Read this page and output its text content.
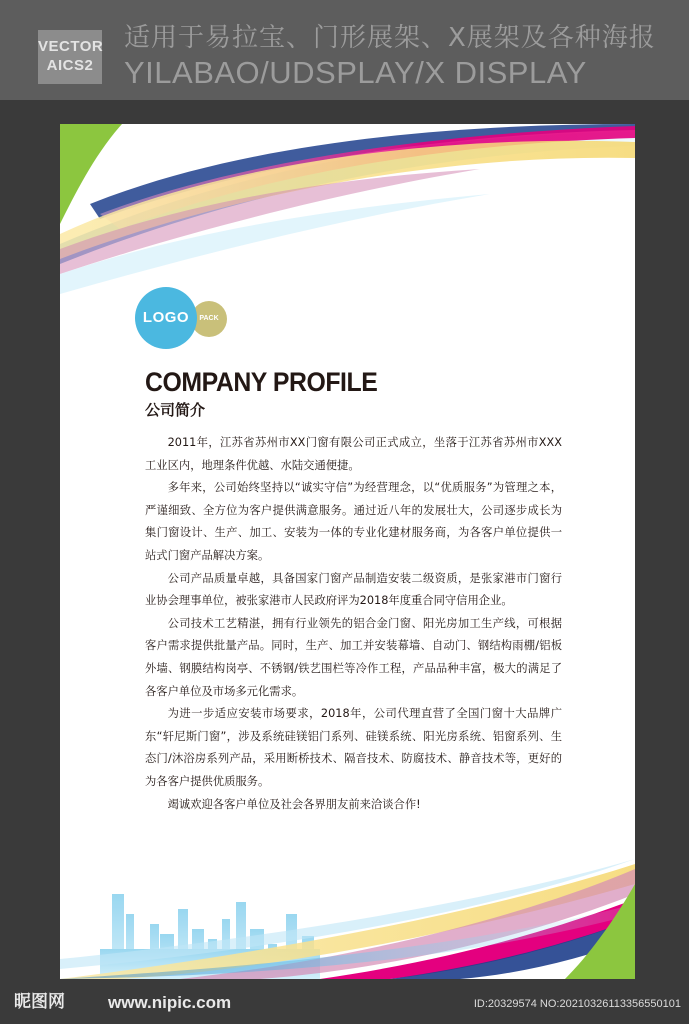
VECTOR
AICS2
适用于易拉宝、门形展架、X展架及各种海报
YILABAO/UDSPLAY/X DISPLAY
PACK
LOGO
COMPANY PROFILE
公司简介

2011年，江苏省苏州市XX门窗有限公司正式成立，坐落于江苏省苏州市XXX工业区内，地理条件优越、水陆交通便捷。

多年来，公司始终坚持以“诚实守信”为经营理念，以“优质服务”为管理之本，严谨细致、全方位为客户提供满意服务。通过近八年的发展壮大，公司逐步成长为集门窗设计、生产、加工、安装为一体的专业化建材服务商，为各客户单位提供一站式门窗产品解决方案。

公司产品质量卓越，具备国家门窗产品制造安装二级资质，是张家港市门窗行业协会理事单位，被张家港市人民政府评为2018年度重合同守信用企业。

公司技术工艺精湛，拥有行业领先的铝合金门窗、阳光房加工生产线，可根据客户需求提供批量产品。同时，生产、加工并安装幕墙、自动门、钢结构雨棚/铝板外墙、钢膜结构岗亭、不锈钢/铁艺围栏等冷作工程，产品品种丰富，极大的满足了各客户单位及市场多元化需求。

为进一步适应安装市场要求，2018年，公司代理直营了全国门窗十大品牌广东“轩尼斯门窗”，涉及系统硅镁铝门系列、硅镁系统、阳光房系统、铝窗系列、生态门/沐浴房系列产品，采用断桥技术、隔音技术、防腐技术、静音技术等，更好的为各客户提供优质服务。

竭诚欢迎各客户单位及社会各界朋友前来洽谈合作!

昵图网	www.nipic.com	ID:20329574 NO:20210326113356550101
